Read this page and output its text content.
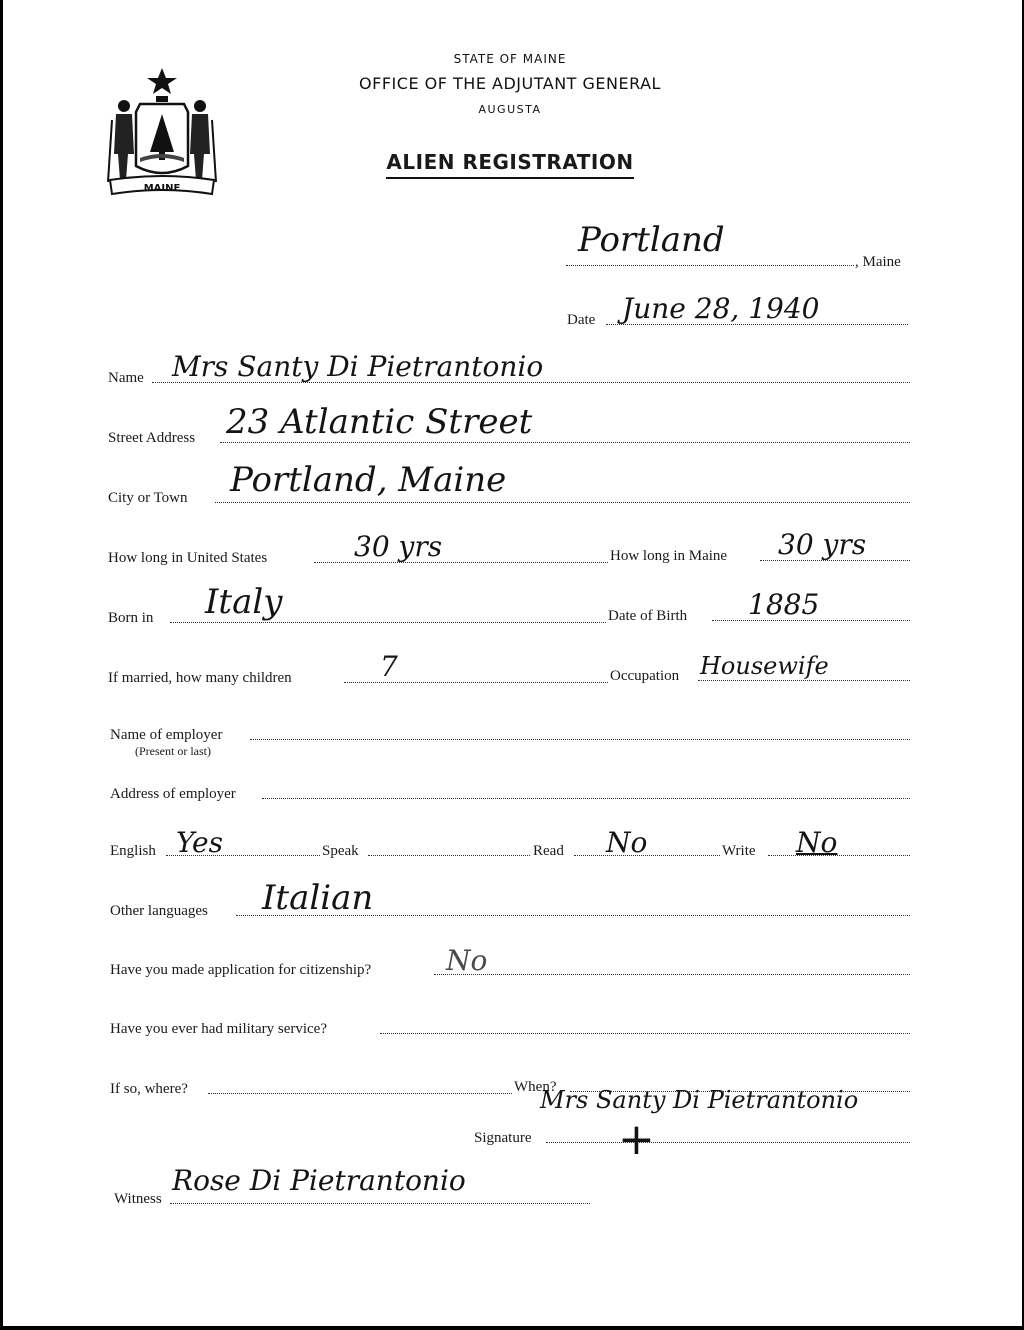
MAINE
STATE OF MAINE
OFFICE OF THE ADJUTANT GENERAL
AUGUSTA
ALIEN REGISTRATION
Portland
, Maine
Date June 28, 1940
Name Mrs Santy Di Pietrantonio
Street Address 23 Atlantic Street
City or Town Portland, Maine
How long in United States	30 yrs	How long in Maine 30 yrs
Born in Italy	Date of Birth 1885
If married, how many children	7	Occupation Housewife
Name of employer
(Present or last)
Address of employer
English Yes	Speak	Read No	Write No
Other languages Italian
Have you made application for citizenship?	No
Have you ever had military service?
If so, where?	When?
Mrs Santy Di Pietrantonio
Signature +
Witness
Rose Di Pietrantonio
